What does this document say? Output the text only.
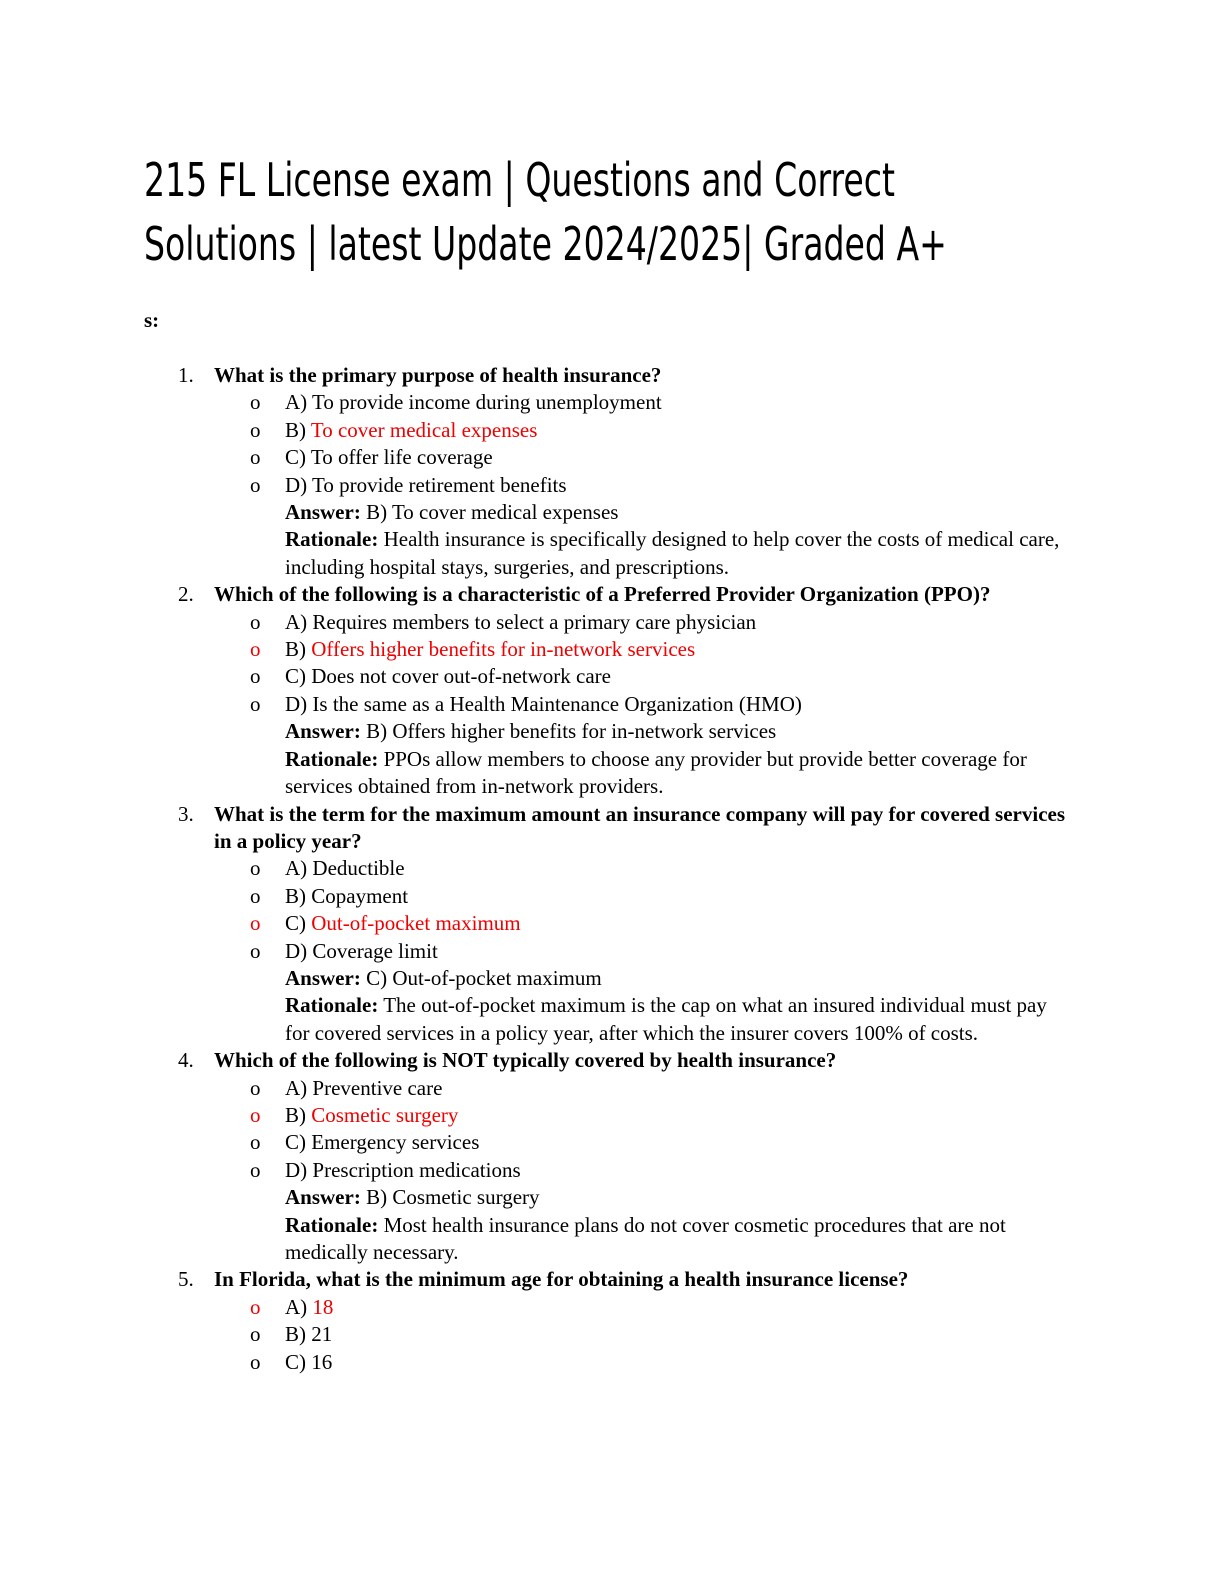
215 FL License exam | Questions and Correct
Solutions | latest Update 2024/2025| Graded A+
s:
1. What is the primary purpose of health insurance?
o A) To provide income during unemployment
o B) To cover medical expenses
o C) To offer life coverage
o D) To provide retirement benefits
Answer: B) To cover medical expenses
Rationale: Health insurance is specifically designed to help cover the costs of medical care, including hospital stays, surgeries, and prescriptions.
2. Which of the following is a characteristic of a Preferred Provider Organization (PPO)?
o A) Requires members to select a primary care physician
o B) Offers higher benefits for in-network services
o C) Does not cover out-of-network care
o D) Is the same as a Health Maintenance Organization (HMO)
Answer: B) Offers higher benefits for in-network services
Rationale: PPOs allow members to choose any provider but provide better coverage for services obtained from in-network providers.
3. What is the term for the maximum amount an insurance company will pay for covered services in a policy year?
o A) Deductible
o B) Copayment
o C) Out-of-pocket maximum
o D) Coverage limit
Answer: C) Out-of-pocket maximum
Rationale: The out-of-pocket maximum is the cap on what an insured individual must pay for covered services in a policy year, after which the insurer covers 100% of costs.
4. Which of the following is NOT typically covered by health insurance?
o A) Preventive care
o B) Cosmetic surgery
o C) Emergency services
o D) Prescription medications
Answer: B) Cosmetic surgery
Rationale: Most health insurance plans do not cover cosmetic procedures that are not medically necessary.
5. In Florida, what is the minimum age for obtaining a health insurance license?
o A) 18
o B) 21
o C) 16
